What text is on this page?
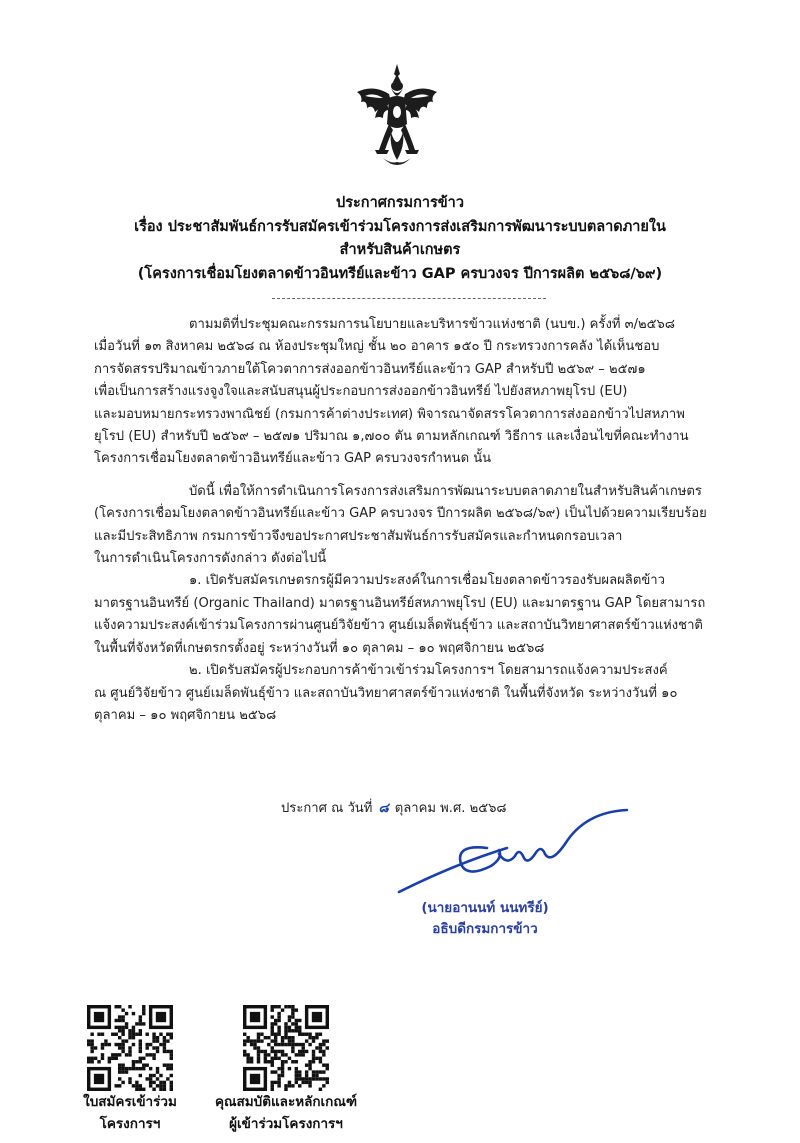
ประกาศกรมการข้าว
เรื่อง ประชาสัมพันธ์การรับสมัครเข้าร่วมโครงการส่งเสริมการพัฒนาระบบตลาดภายใน
สำหรับสินค้าเกษตร
(โครงการเชื่อมโยงตลาดข้าวอินทรีย์และข้าว GAP ครบวงจร ปีการผลิต ๒๕๖๘/๖๙)

ตามมติที่ประชุมคณะกรรมการนโยบายและบริหารข้าวแห่งชาติ (นบข.) ครั้งที่ ๓/๒๕๖๘
เมื่อวันที่ ๑๓ สิงหาคม ๒๕๖๘ ณ ห้องประชุมใหญ่ ชั้น ๒๐ อาคาร ๑๕๐ ปี กระทรวงการคลัง ได้เห็นชอบ
การจัดสรรปริมาณข้าวภายใต้โควตาการส่งออกข้าวอินทรีย์และข้าว GAP สำหรับปี ๒๕๖๙ – ๒๕๗๑
เพื่อเป็นการสร้างแรงจูงใจและสนับสนุนผู้ประกอบการส่งออกข้าวอินทรีย์ ไปยังสหภาพยุโรป (EU)
และมอบหมายกระทรวงพาณิชย์ (กรมการค้าต่างประเทศ) พิจารณาจัดสรรโควตาการส่งออกข้าวไปสหภาพ
ยุโรป (EU) สำหรับปี ๒๕๖๙ – ๒๕๗๑ ปริมาณ ๑,๗๐๐ ตัน ตามหลักเกณฑ์ วิธีการ และเงื่อนไขที่คณะทำงาน
โครงการเชื่อมโยงตลาดข้าวอินทรีย์และข้าว GAP ครบวงจรกำหนด นั้น

บัดนี้ เพื่อให้การดำเนินการโครงการส่งเสริมการพัฒนาระบบตลาดภายในสำหรับสินค้าเกษตร
(โครงการเชื่อมโยงตลาดข้าวอินทรีย์และข้าว GAP ครบวงจร ปีการผลิต ๒๕๖๘/๖๙) เป็นไปด้วยความเรียบร้อย
และมีประสิทธิภาพ กรมการข้าวจึงขอประกาศประชาสัมพันธ์การรับสมัครและกำหนดกรอบเวลา
ในการดำเนินโครงการดังกล่าว ดังต่อไปนี้

๑. เปิดรับสมัครเกษตรกรผู้มีความประสงค์ในการเชื่อมโยงตลาดข้าวรองรับผลผลิตข้าว
มาตรฐานอินทรีย์ (Organic Thailand) มาตรฐานอินทรีย์สหภาพยุโรป (EU) และมาตรฐาน GAP โดยสามารถ
แจ้งความประสงค์เข้าร่วมโครงการผ่านศูนย์วิจัยข้าว ศูนย์เมล็ดพันธุ์ข้าว และสถาบันวิทยาศาสตร์ข้าวแห่งชาติ
ในพื้นที่จังหวัดที่เกษตรกรตั้งอยู่ ระหว่างวันที่ ๑๐ ตุลาคม – ๑๐ พฤศจิกายน ๒๕๖๘

๒. เปิดรับสมัครผู้ประกอบการค้าข้าวเข้าร่วมโครงการฯ โดยสามารถแจ้งความประสงค์
ณ ศูนย์วิจัยข้าว ศูนย์เมล็ดพันธุ์ข้าว และสถาบันวิทยาศาสตร์ข้าวแห่งชาติ ในพื้นที่จังหวัด ระหว่างวันที่ ๑๐
ตุลาคม – ๑๐ พฤศจิกายน ๒๕๖๘

ประกาศ ณ วันที่ ๘ ตุลาคม พ.ศ. ๒๕๖๘
(นายอานนท์ นนทรีย์)
อธิบดีกรมการข้าว
ใบสมัครเข้าร่วม
โครงการฯ
คุณสมบัติและหลักเกณฑ์
ผู้เข้าร่วมโครงการฯ
